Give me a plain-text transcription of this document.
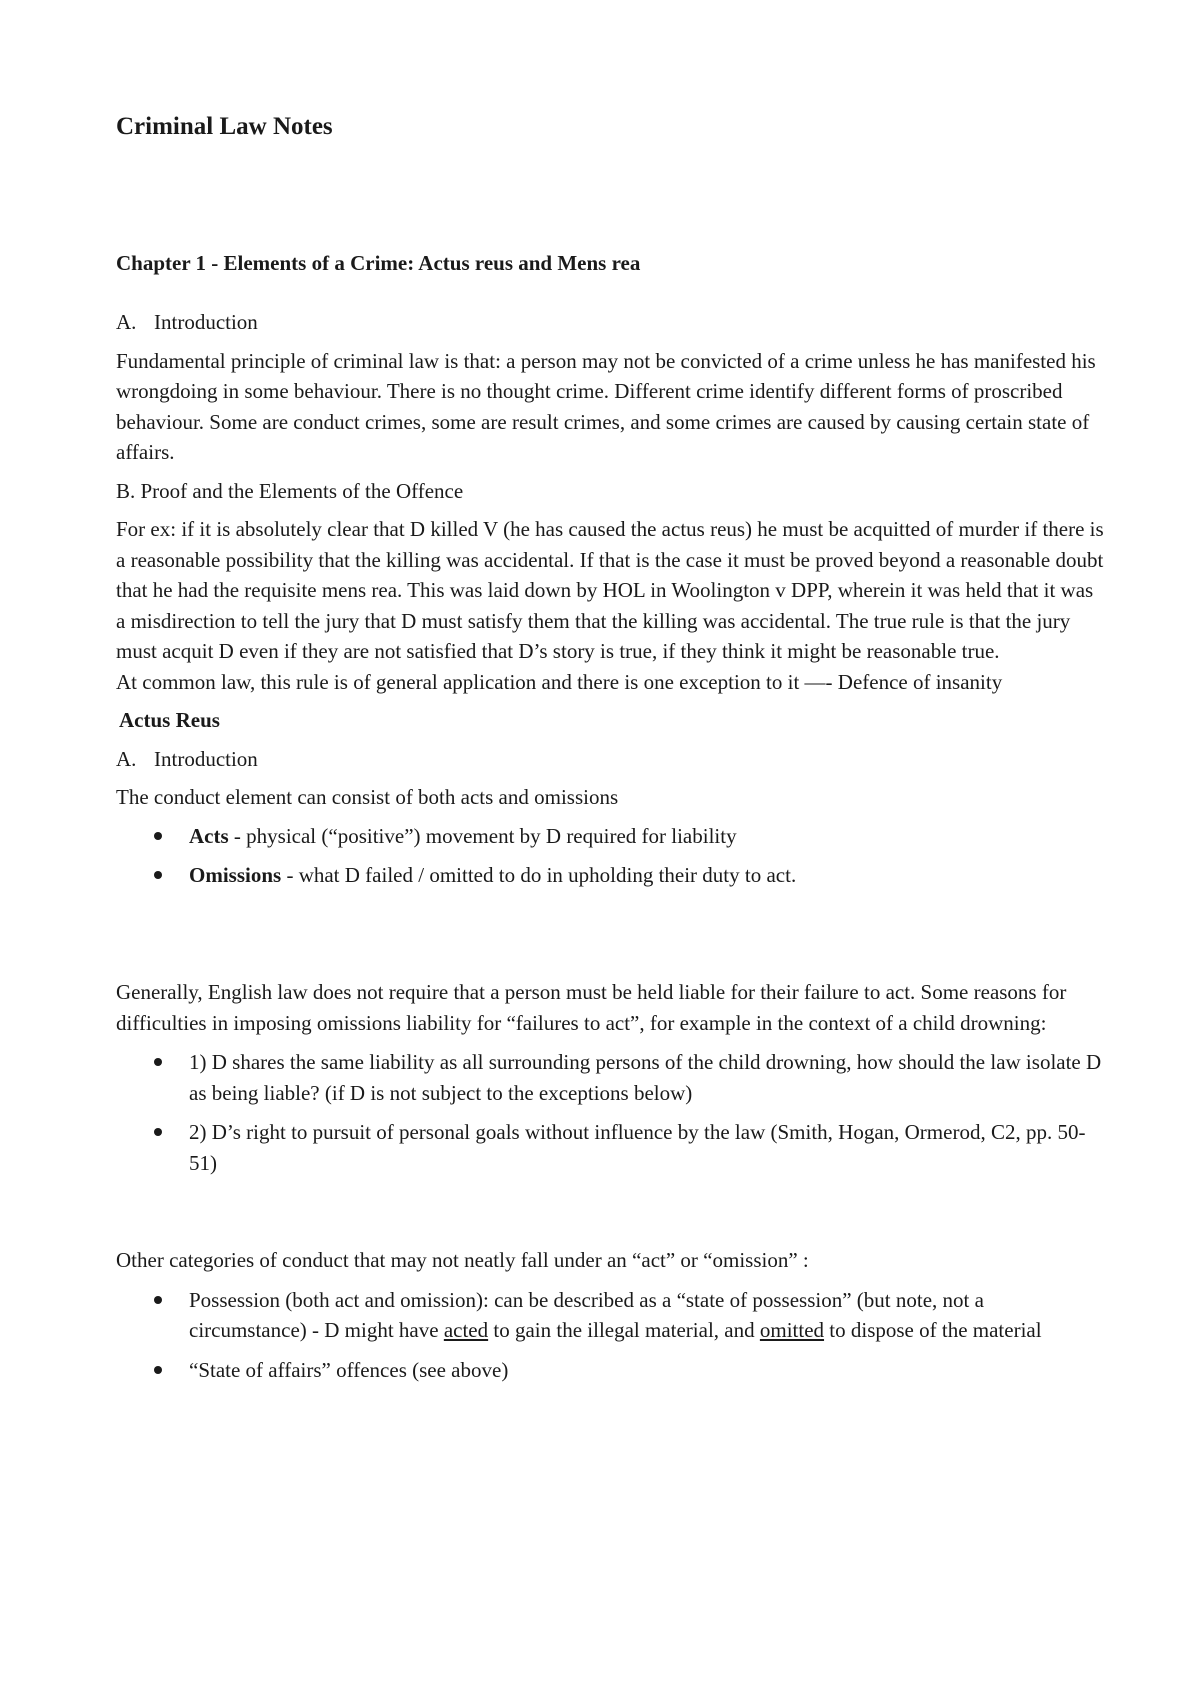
Criminal Law Notes
Chapter 1 - Elements of a Crime: Actus reus and Mens rea

A. Introduction

Fundamental principle of criminal law is that: a person may not be convicted of a crime unless he has manifested his wrongdoing in some behaviour. There is no thought crime. Different crime identify different forms of proscribed behaviour. Some are conduct crimes, some are result crimes, and some crimes are caused by causing certain state of affairs.

B. Proof and the Elements of the Offence

For ex: if it is absolutely clear that D killed V (he has caused the actus reus) he must be acquitted of murder if there is a reasonable possibility that the killing was accidental. If that is the case it must be proved beyond a reasonable doubt that he had the requisite mens rea. This was laid down by HOL in Woolington v DPP, wherein it was held that it was a misdirection to tell the jury that D must satisfy them that the killing was accidental. The true rule is that the jury must acquit D even if they are not satisfied that D’s story is true, if they think it might be reasonable true.

At common law, this rule is of general application and there is one exception to it —- Defence of insanity

Actus Reus

A. Introduction

The conduct element can consist of both acts and omissions

Acts - physical (“positive”) movement by D required for liability
Omissions - what D failed / omitted to do in upholding their duty to act.

Generally, English law does not require that a person must be held liable for their failure to act. Some reasons for difficulties in imposing omissions liability for “failures to act”, for example in the context of a child drowning:

1) D shares the same liability as all surrounding persons of the child drowning, how should the law isolate D as being liable? (if D is not subject to the exceptions below)
2) D’s right to pursuit of personal goals without influence by the law (Smith, Hogan, Ormerod, C2, pp. 50-51)

Other categories of conduct that may not neatly fall under an “act” or “omission” :

Possession (both act and omission): can be described as a “state of possession” (but note, not a circumstance) - D might have acted to gain the illegal material, and omitted to dispose of the material
“State of affairs” offences (see above)
